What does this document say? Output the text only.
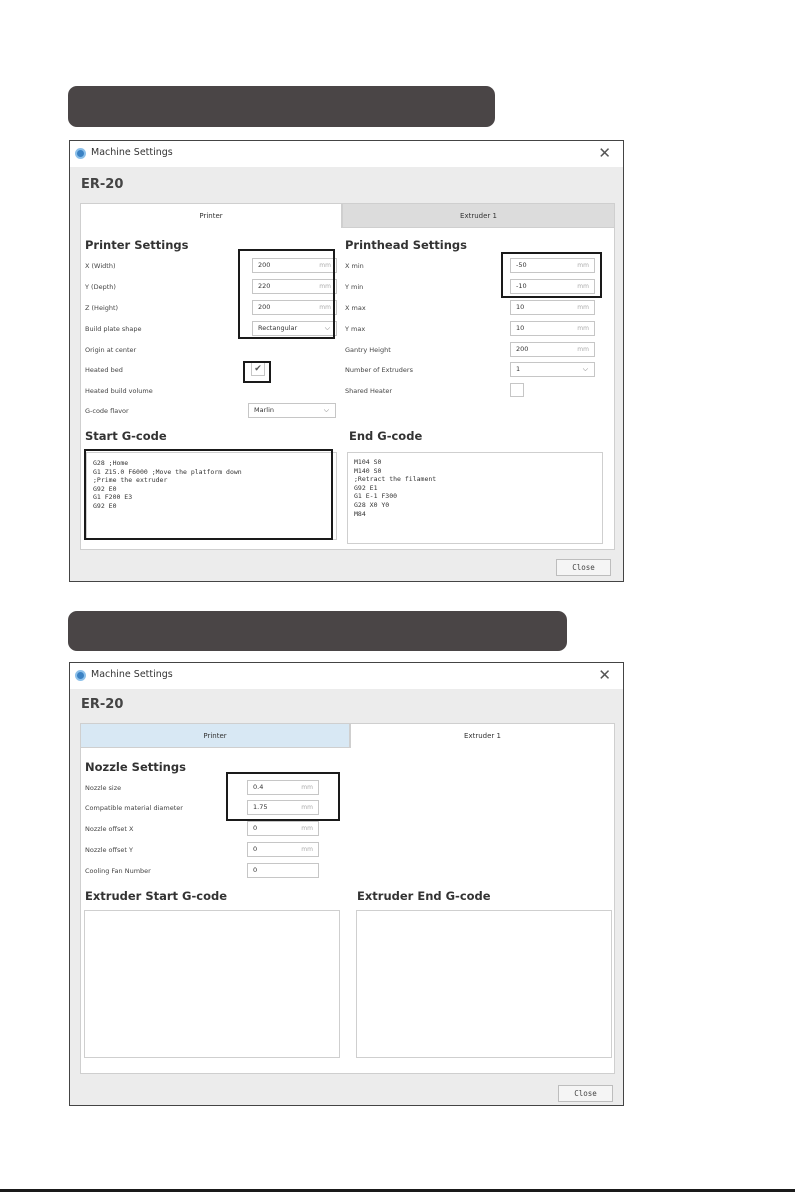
Machine Settings	✕
ER-20
Printer	Extruder 1
Printer Settings
X (Width)	200	mm
Y (Depth)	220	mm
Z (Height)	200	mm
Build plate shape	Rectangular	⌵
Origin at center
Heated bed	✔
Heated build volume
G-code flavor	Marlin	⌵
Printhead Settings
X min	-50	mm
Y min	-10	mm
X max	10	mm
Y max	10	mm
Gantry Height	200	mm
Number of Extruders	1	⌵
Shared Heater
Start G-code	End G-code
G28 ;Home
G1 Z15.0 F6000 ;Move the platform down
;Prime the extruder
G92 E0
G1 F200 E3
G92 E0
M104 S0
M140 S0
;Retract the filament
G92 E1
G1 E-1 F300
G28 X0 Y0
M84
Close
Machine Settings	✕
ER-20
Printer	Extruder 1
Nozzle Settings
Nozzle size	0.4	mm
Compatible material diameter	1.75	mm
Nozzle offset X	0	mm
Nozzle offset Y	0	mm
Cooling Fan Number	0
Extruder Start G-code	Extruder End G-code
Close
